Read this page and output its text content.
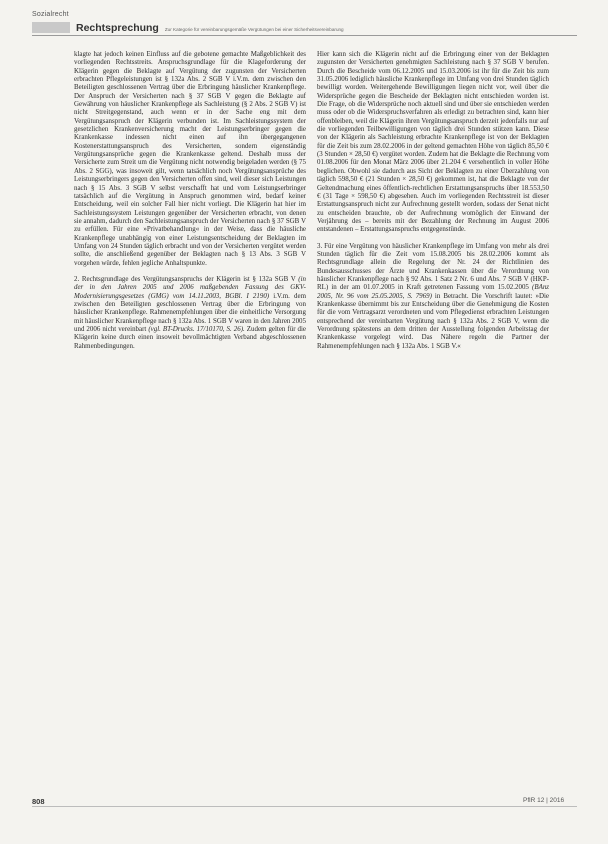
Sozialrecht
Rechtsprechung Zur Kategorie für vereinbarungsgemäße Vergütungen bei einer Sicherheitsvereinbarung

klagte hat jedoch keinen Einfluss auf die gebotene gemachte Maßgeblichkeit des vorliegenden Rechtsstreits. Anspruchsgrundlage für die Klageforderung der Klägerin gegen die Beklagte auf Vergütung der zugunsten der Versicherten erbrachten Pflegeleistungen ist § 132a Abs. 2 SGB V i.V.m. dem zwischen den Beteiligten geschlossenen Vertrag über die Erbringung häuslicher Krankenpflege. Der Anspruch der Versicherten nach § 37 SGB V gegen die Beklagte auf Gewährung von häuslicher Krankenpflege als Sachleistung (§ 2 Abs. 2 SGB V) ist nicht Streitgegenstand, auch wenn er in der Sache eng mit dem Vergütungsanspruch der Klägerin verbunden ist. Im Sachleistungssystem der gesetzlichen Krankenversicherung macht der Leistungserbringer gegen die Krankenkasse indessen nicht einen auf ihn übergegangenen Kostenerstattungsanspruch des Versicherten, sondern eigenständig Vergütungsansprüche gegen die Krankenkasse geltend. Deshalb muss der Versicherte zum Streit um die Vergütung nicht notwendig beigeladen werden (§ 75 Abs. 2 SGG), was insoweit gilt, wenn tatsächlich noch Vergütungsansprüche des Leistungserbringers gegen den Versicherten offen sind, weil dieser sich Leistungen nach § 15 Abs. 3 SGB V selbst verschafft hat und vom Leistungserbringer tatsächlich auf die Vergütung in Anspruch genommen wird, bedarf keiner Entscheidung, weil ein solcher Fall hier nicht vorliegt. Die Klägerin hat hier im Sachleistungssystem Leistungen gegenüber der Versicherten erbracht, von denen sie annahm, dadurch den Sachleistungsanspruch der Versicherten nach § 37 SGB V zu erfüllen. Für eine »Privatbehandlung« in der Weise, dass die häusliche Krankenpflege unabhängig von einer Leistungsentscheidung der Beklagten im Umfang von 24 Stunden täglich erbracht und von der Versicherten vergütet werden sollte, die anschließend gegenüber der Beklagten nach § 13 Abs. 3 SGB V vorgehen würde, fehlen jegliche Anhaltspunkte.

2. Rechtsgrundlage des Vergütungsanspruchs der Klägerin ist § 132a SGB V (in der in den Jahren 2005 und 2006 maßgebenden Fassung des GKV-Modernisierungsgesetzes (GMG) vom 14.11.2003, BGBl. I 2190) i.V.m. dem zwischen den Beteiligten geschlossenen Vertrag über die Erbringung von häuslicher Krankenpflege. Rahmenempfehlungen über die einheitliche Versorgung mit häuslicher Krankenpflege nach § 132a Abs. 1 SGB V waren in den Jahren 2005 und 2006 nicht vereinbart (vgl. BT-Drucks. 17/10170, S. 26). Zudem gelten für die Klägerin keine durch einen insoweit bevollmächtigten Verband abgeschlossenen Rahmenbedingungen.

Hier kann sich die Klägerin nicht auf die Erbringung einer von der Beklagten zugunsten der Versicherten genehmigten Sachleistung nach § 37 SGB V berufen. Durch die Bescheide vom 06.12.2005 und 15.03.2006 ist ihr für die Zeit bis zum 31.05.2006 lediglich häusliche Krankenpflege im Umfang von drei Stunden täglich bewilligt worden. Weitergehende Bewilligungen liegen nicht vor, weil über die Widersprüche gegen die Bescheide der Beklagten nicht entschieden worden ist. Die Frage, ob die Widersprüche noch aktuell sind und über sie entschieden werden muss oder ob die Widerspruchsverfahren als erledigt zu betrachten sind, kann hier offenbleiben, weil die Klägerin ihren Vergütungsanspruch derzeit jedenfalls nur auf die vorliegenden Teilbewilligungen von täglich drei Stunden stützen kann. Diese von der Klägerin als Sachleistung erbrachte Krankenpflege ist von der Beklagten für die Zeit bis zum 28.02.2006 in der geltend gemachten Höhe von täglich 85,50 € (3 Stunden × 28,50 €) vergütet worden. Zudem hat die Beklagte die Rechnung vom 01.08.2006 für den Monat März 2006 über 21.204 € versehentlich in voller Höhe beglichen. Obwohl sie dadurch aus Sicht der Beklagten zu einer Überzahlung von täglich 598,50 € (21 Stunden × 28,50 €) gekommen ist, hat die Beklagte von der Geltendmachung eines öffentlich-rechtlichen Erstattungsanspruchs über 18.553,50 € (31 Tage × 598,50 €) abgesehen. Auch im vorliegenden Rechtsstreit ist dieser Erstattungsanspruch nicht zur Aufrechnung gestellt worden, sodass der Senat nicht zu entscheiden brauchte, ob der Aufrechnung womöglich der Einwand der Verjährung des – bereits mit der Bezahlung der Rechnung im August 2006 entstandenen – Erstattungsanspruchs entgegenstünde.

3. Für eine Vergütung von häuslicher Krankenpflege im Umfang von mehr als drei Stunden täglich für die Zeit vom 15.08.2005 bis 28.02.2006 kommt als Rechtsgrundlage allein die Regelung der Nr. 24 der Richtlinien des Bundesausschusses der Ärzte und Krankenkassen über die Verordnung von häuslicher Krankenpflege nach § 92 Abs. 1 Satz 2 Nr. 6 und Abs. 7 SGB V (HKP-RL) in der am 01.07.2005 in Kraft getretenen Fassung vom 15.02.2005 (BAnz 2005, Nr. 96 vom 25.05.2005, S. 7969) in Betracht. Die Vorschrift lautet: »Die Krankenkasse übernimmt bis zur Entscheidung über die Genehmigung die Kosten für die vom Vertragsarzt verordneten und vom Pflegedienst erbrachten Leistungen entsprechend der vereinbarten Vergütung nach § 132a Abs. 2 SGB V, wenn die Verordnung spätestens an dem dritten der Ausstellung folgenden Arbeitstag der Krankenkasse vorgelegt wird. Das Nähere regeln die Partner der Rahmenempfehlungen nach § 132a Abs. 1 SGB V.«

808	PflR 12 | 2016
